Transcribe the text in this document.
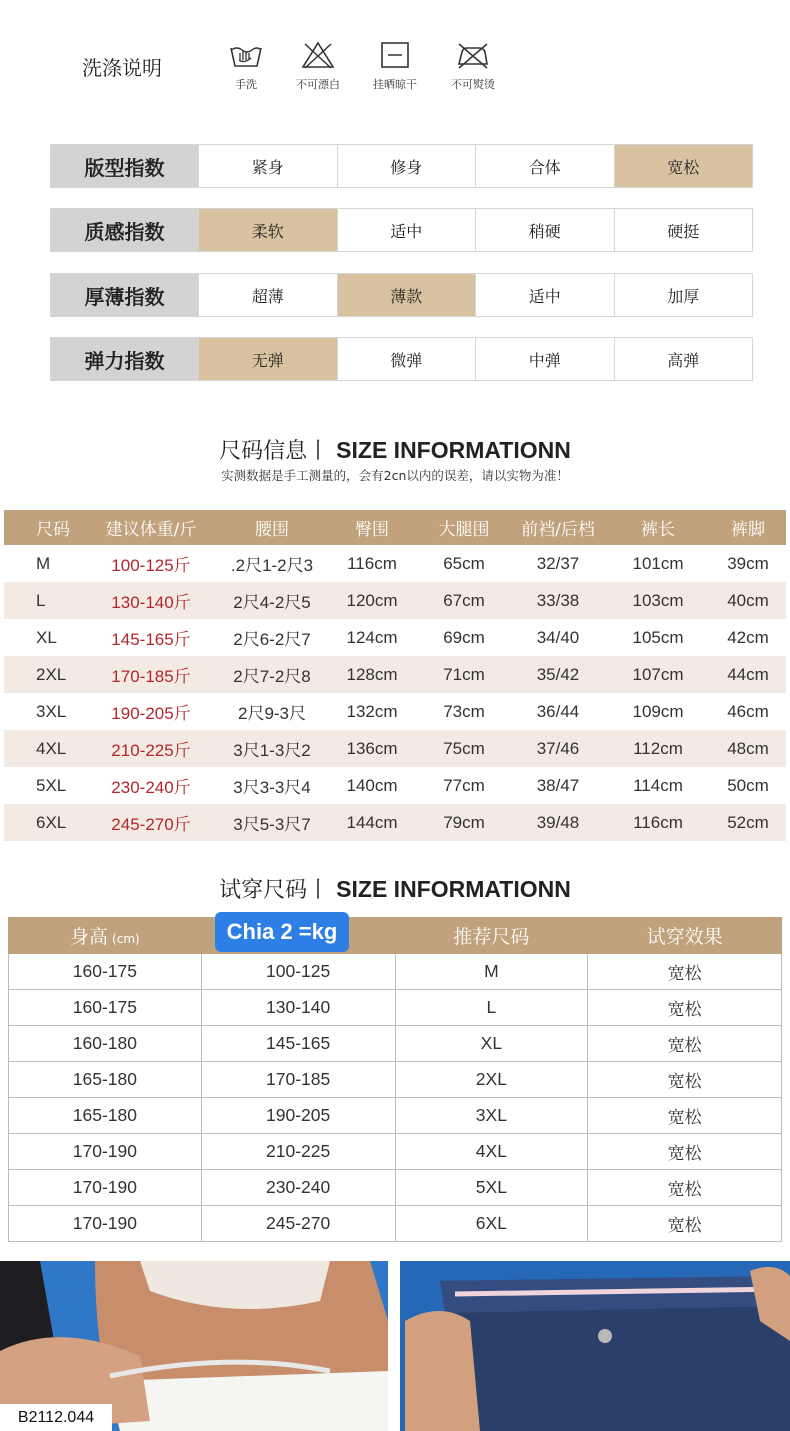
洗涤说明
手洗	不可漂白	挂晒晾干	不可熨烫
版型指数	紧身	修身	合体	宽松
质感指数	柔软	适中	稍硬	硬挺
厚薄指数	超薄	薄款	适中	加厚
弹力指数	无弹	微弹	中弹	高弹
尺码信息丨 SIZE INFORMATIONN
实测数据是手工测量的，会有2cn以内的误差，请以实物为准！
尺码	建议体重/斤	腰围	臀围	大腿围	前裆/后档	裤长	裤脚
M	100-125斤	.2尺1-2尺3	116cm	65cm	32/37	101cm	39cm
L	130-140斤	2尺4-2尺5	120cm	67cm	33/38	103cm	40cm
XL	145-165斤	2尺6-2尺7	124cm	69cm	34/40	105cm	42cm
2XL	170-185斤	2尺7-2尺8	128cm	71cm	35/42	107cm	44cm
3XL	190-205斤	2尺9-3尺	132cm	73cm	36/44	109cm	46cm
4XL	210-225斤	3尺1-3尺2	136cm	75cm	37/46	112cm	48cm
5XL	230-240斤	3尺3-3尺4	140cm	77cm	38/47	114cm	50cm
6XL	245-270斤	3尺5-3尺7	144cm	79cm	39/48	116cm	52cm
试穿尺码丨 SIZE INFORMATIONN
身高 (cm)		推荐尺码	试穿效果
160-175	100-125	M	宽松
160-175	130-140	L	宽松
160-180	145-165	XL	宽松
165-180	170-185	2XL	宽松
165-180	190-205	3XL	宽松
170-190	210-225	4XL	宽松
170-190	230-240	5XL	宽松
170-190	245-270	6XL	宽松
Chia 2 =kg
B2112.044
